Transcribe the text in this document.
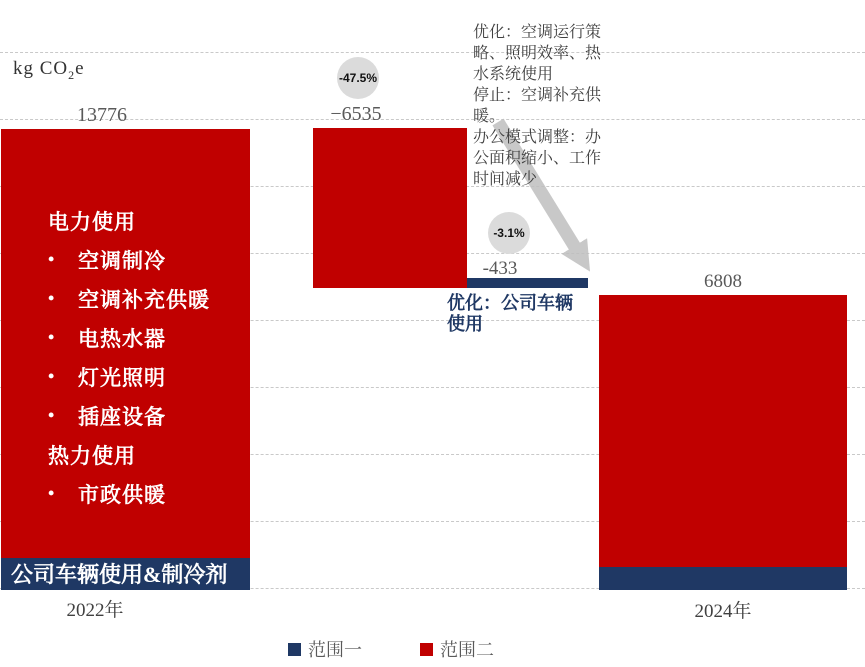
kg $CO_2e$
电力使用
•	空调制冷
•	空调补充供暖
•	电热水器
•	灯光照明
•	插座设备
热力使用
•	市政供暖
公司车辆使用&制冷剂
13776	−6535
-433
6808
-47.5%
-3.1%

优化：空调运行策略、照明效率、热水系统使用

停止：空调补充供暖。

办公模式调整：办公面积缩小、工作时间减少

优化：公司车辆使用
2022年	2024年
范围一	范围二
